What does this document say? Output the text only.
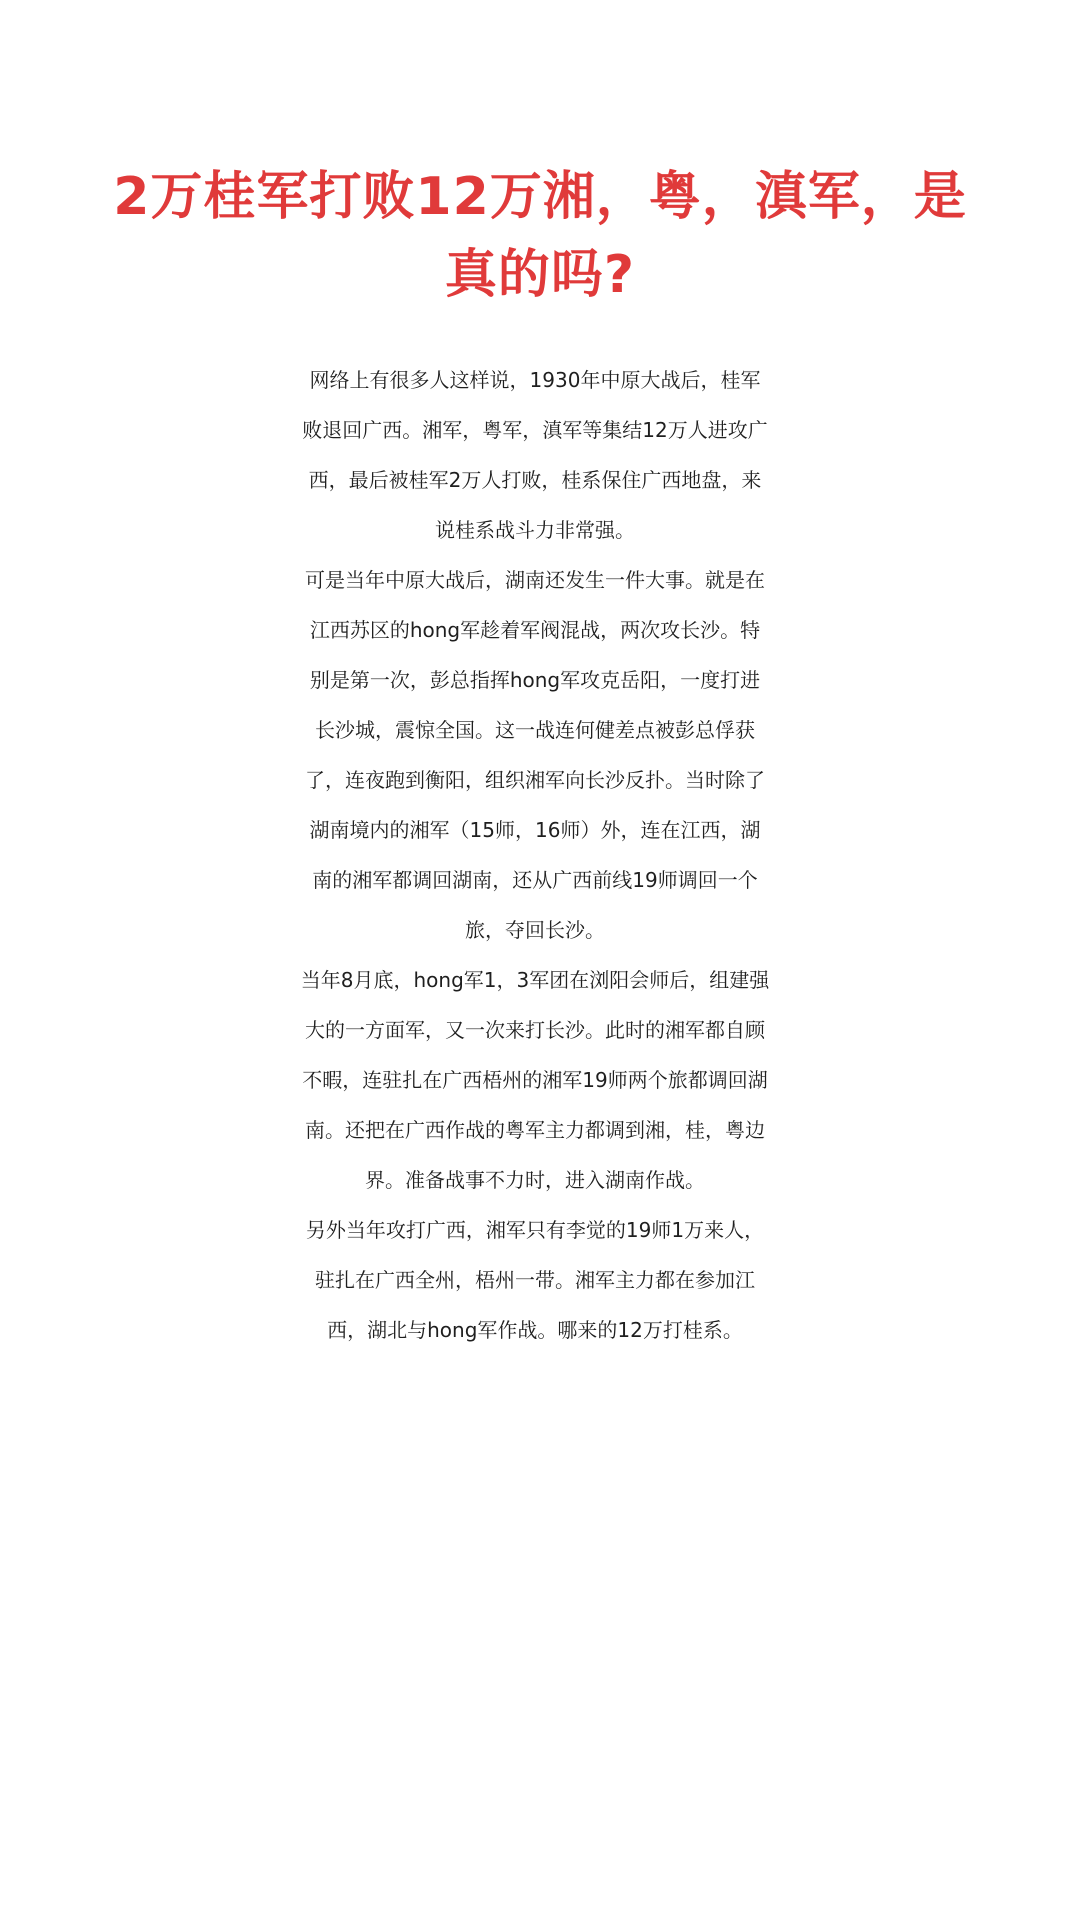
2万桂军打败12万湘，粤，滇军，是真的吗?

网络上有很多人这样说，1930年中原大战后，桂军败退回广西。湘军，粤军，滇军等集结12万人进攻广西，最后被桂军2万人打败，桂系保住广西地盘，来说桂系战斗力非常强。

可是当年中原大战后，湖南还发生一件大事。就是在江西苏区的hong军趁着军阀混战，两次攻长沙。特别是第一次，彭总指挥hong军攻克岳阳，一度打进长沙城，震惊全国。这一战连何健差点被彭总俘获了，连夜跑到衡阳，组织湘军向长沙反扑。当时除了湖南境内的湘军（15师，16师）外，连在江西，湖南的湘军都调回湖南，还从广西前线19师调回一个旅，夺回长沙。

当年8月底，hong军1，3军团在浏阳会师后，组建强大的一方面军，又一次来打长沙。此时的湘军都自顾不暇，连驻扎在广西梧州的湘军19师两个旅都调回湖南。还把在广西作战的粤军主力都调到湘，桂，粤边界。准备战事不力时，进入湖南作战。

另外当年攻打广西，湘军只有李觉的19师1万来人，驻扎在广西全州，梧州一带。湘军主力都在参加江西，湖北与hong军作战。哪来的12万打桂系。
